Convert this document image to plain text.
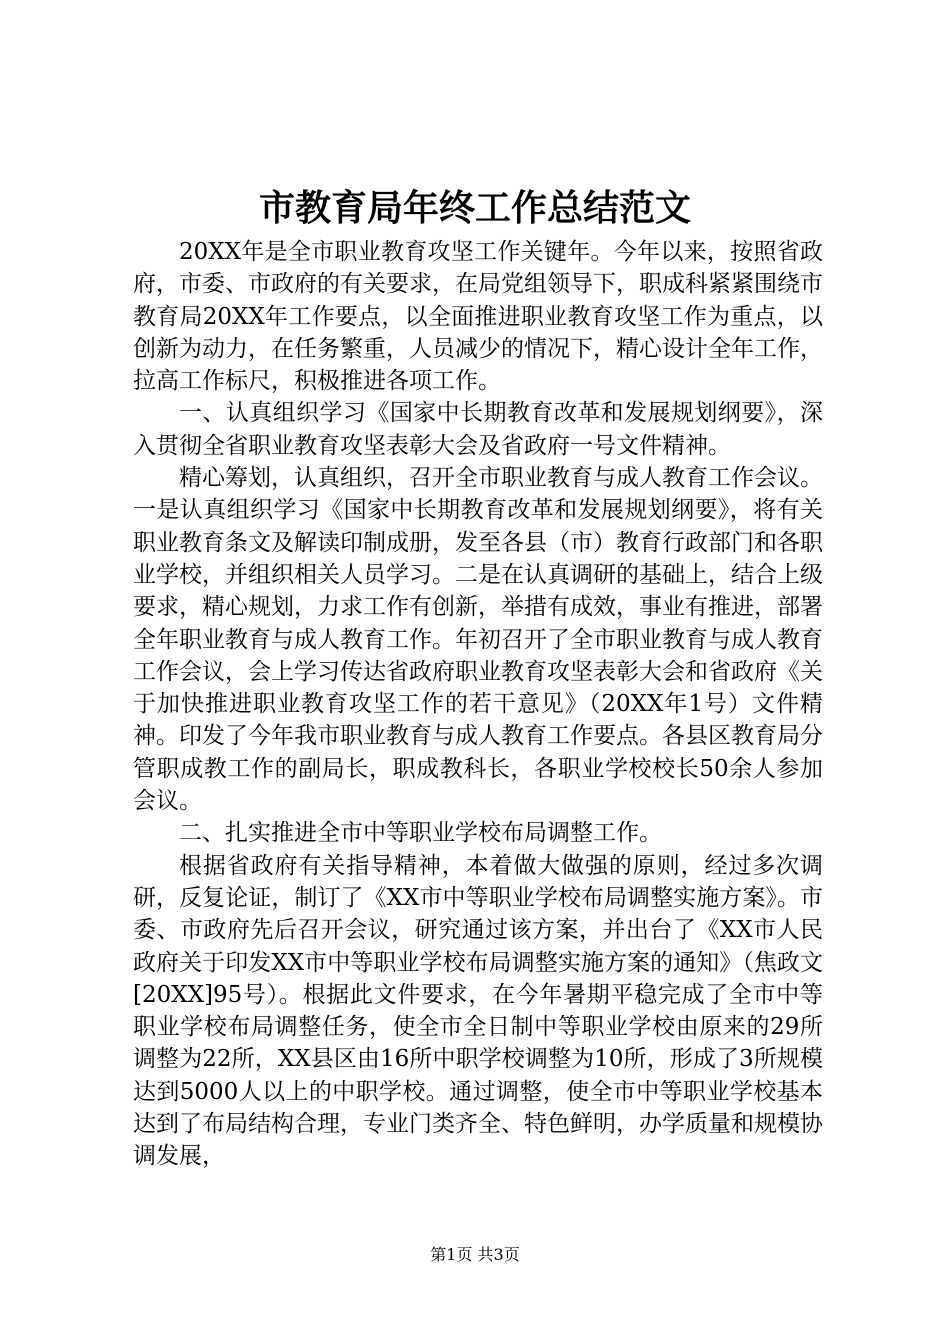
市教育局年终工作总结范文

20XX年是全市职业教育攻坚工作关键年。今年以来，按照省政府，市委、市政府的有关要求，在局党组领导下，职成科紧紧围绕市教育局20XX年工作要点，以全面推进职业教育攻坚工作为重点，以创新为动力，在任务繁重，人员减少的情况下，精心设计全年工作，拉高工作标尺，积极推进各项工作。

一、认真组织学习《国家中长期教育改革和发展规划纲要》，深入贯彻全省职业教育攻坚表彰大会及省政府一号文件精神。

精心筹划，认真组织，召开全市职业教育与成人教育工作会议。一是认真组织学习《国家中长期教育改革和发展规划纲要》，将有关职业教育条文及解读印制成册，发至各县（市）教育行政部门和各职业学校，并组织相关人员学习。二是在认真调研的基础上，结合上级要求，精心规划，力求工作有创新，举措有成效，事业有推进，部署全年职业教育与成人教育工作。年初召开了全市职业教育与成人教育工作会议，会上学习传达省政府职业教育攻坚表彰大会和省政府《关于加快推进职业教育攻坚工作的若干意见》（20XX年1号）文件精神。印发了今年我市职业教育与成人教育工作要点。各县区教育局分管职成教工作的副局长，职成教科长，各职业学校校长50余人参加会议。

二、扎实推进全市中等职业学校布局调整工作。

根据省政府有关指导精神，本着做大做强的原则，经过多次调研，反复论证，制订了《XX市中等职业学校布局调整实施方案》。市委、市政府先后召开会议，研究通过该方案，并出台了《XX市人民政府关于印发XX市中等职业学校布局调整实施方案的通知》（焦政文[20XX]95号）。根据此文件要求，在今年暑期平稳完成了全市中等职业学校布局调整任务，使全市全日制中等职业学校由原来的29所调整为22所，XX县区由16所中职学校调整为10所，形成了3所规模达到5000人以上的中职学校。通过调整，使全市中等职业学校基本达到了布局结构合理，专业门类齐全、特色鲜明，办学质量和规模协调发展，

第1页 共3页
